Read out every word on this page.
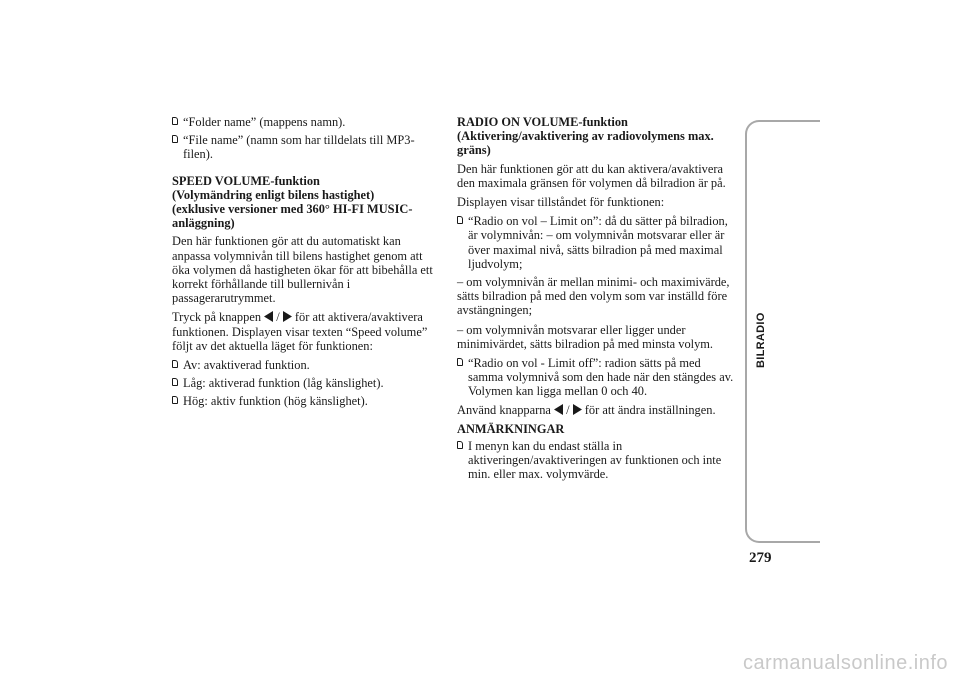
“Folder name” (mappens namn).
“File name” (namn som har tilldelats till MP3-filen).
SPEED VOLUME-funktion
(Volymändring enligt bilens hastighet)
(exklusive versioner med 360° HI-FI MUSIC-anläggning)

Den här funktionen gör att du automatiskt kan anpassa volymnivån till bilens hastighet genom att öka volymen då hastigheten ökar för att bibehålla ett korrekt förhållande till bullernivån i passagerarutrymmet.

Tryck på knappen  /  för att aktivera/avaktivera funktionen. Displayen visar texten “Speed volume” följt av det aktuella läget för funktionen:

Av: avaktiverad funktion.
Låg: aktiverad funktion (låg känslighet).
Hög: aktiv funktion (hög känslighet).
RADIO ON VOLUME-funktion
(Aktivering/avaktivering av radiovolymens max. gräns)

Den här funktionen gör att du kan aktivera/avaktivera den maximala gränsen för volymen då bilradion är på.

Displayen visar tillståndet för funktionen:

“Radio on vol – Limit on”: då du sätter på bilradion, är volymnivån: – om volymnivån motsvarar eller är över maximal nivå, sätts bilradion på med maximal ljudvolym;

– om volymnivån är mellan minimi- och maximivärde, sätts bilradion på med den volym som var inställd före avstängningen;

– om volymnivån motsvarar eller ligger under minimivärdet, sätts bilradion på med minsta volym.

“Radio on vol - Limit off”: radion sätts på med samma volymnivå som den hade när den stängdes av. Volymen kan ligga mellan 0 och 40.

Använd knapparna  /  för att ändra inställningen.

ANMÄRKNINGAR
I menyn kan du endast ställa in aktiveringen/avaktiveringen av funktionen och inte min. eller max. volymvärde.
BILRADIO
279
carmanualsonline.info
